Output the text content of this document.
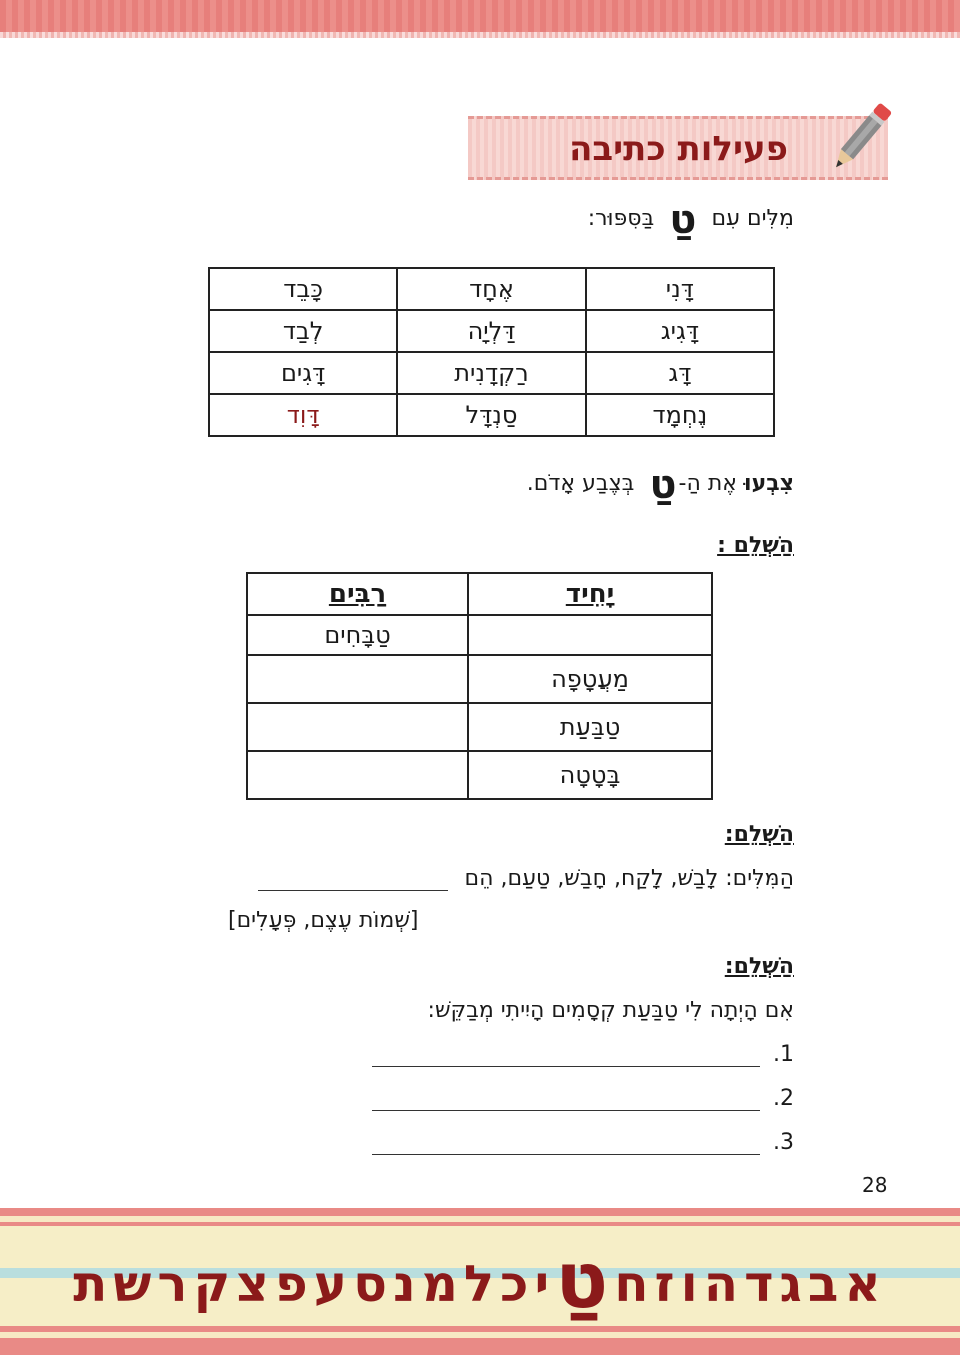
פעילות כתיבה
מִלִּים עִם טַ בַּסִּפּוּר:
דָּנִי	אֶחָד	כָּבֵד
דָּגִיג	דַּלְיָה	לְבַד
דָּג	רַקְדָנִית	דָּגִים
נֶחְמָד	סַנְדָּל	דָּוִד
צִבְעוּ אֶת הַ-טַ בְּצֶבַע אָדֹם.
הַשְׁלֵם :
יָחִיד	רַבִּים
	טַבָּחִים
מַעֲטָפָה	
טַבַּעַת	
בָּטָטָה	
הַשְׁלֵם:
הַמִּלִּים: לָבַשׁ, לָקַח, חָבַשׁ, טַעַם, הֵם
[שְׁמוֹת עֶצֶם, פְּעָלִים]
הַשְׁלֵם:
אִם הָיְתָה לִי טַבַּעַת קְסָמִים הָיִיתִי מְבַקֵּשׁ:
1.
2.
3.
28
אבגדהוזחטַיכלמנסעפצקרשת
